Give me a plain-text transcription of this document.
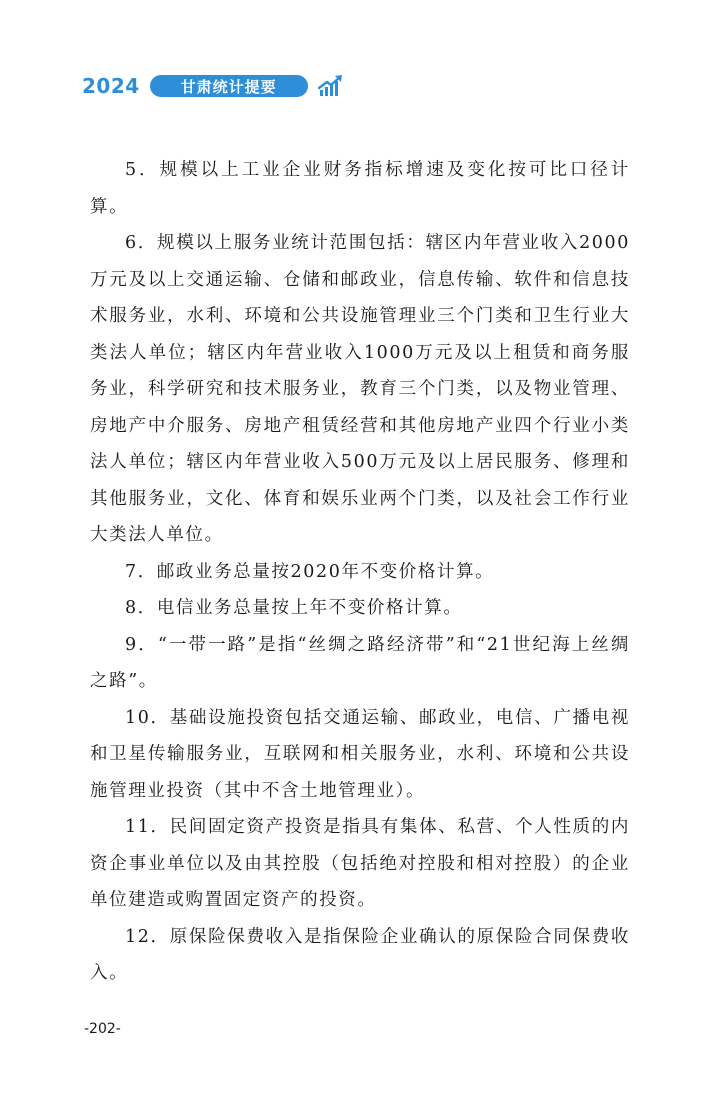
2024	甘肃统计提要

5．规模以上工业企业财务指标增速及变化按可比口径计算。

6．规模以上服务业统计范围包括：辖区内年营业收入2000万元及以上交通运输、仓储和邮政业，信息传输、软件和信息技术服务业，水利、环境和公共设施管理业三个门类和卫生行业大类法人单位；辖区内年营业收入1000万元及以上租赁和商务服务业，科学研究和技术服务业，教育三个门类，以及物业管理、房地产中介服务、房地产租赁经营和其他房地产业四个行业小类法人单位；辖区内年营业收入500万元及以上居民服务、修理和其他服务业，文化、体育和娱乐业两个门类，以及社会工作行业大类法人单位。

7．邮政业务总量按2020年不变价格计算。

8．电信业务总量按上年不变价格计算。

9．“一带一路”是指“丝绸之路经济带”和“21世纪海上丝绸之路”。

10．基础设施投资包括交通运输、邮政业，电信、广播电视和卫星传输服务业，互联网和相关服务业，水利、环境和公共设施管理业投资（其中不含土地管理业）。

11．民间固定资产投资是指具有集体、私营、个人性质的内资企事业单位以及由其控股（包括绝对控股和相对控股）的企业单位建造或购置固定资产的投资。

12．原保险保费收入是指保险企业确认的原保险合同保费收入。

-202-
